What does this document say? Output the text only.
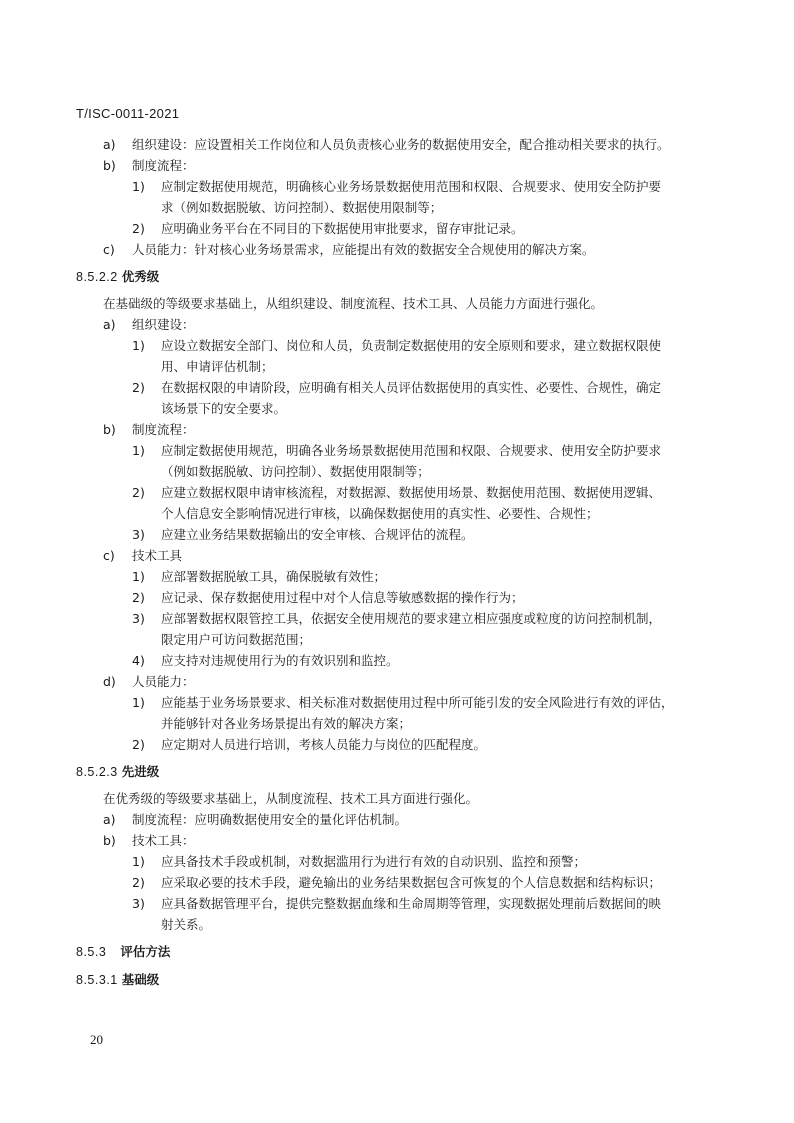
T/ISC-0011-2021
a) 组织建设：应设置相关工作岗位和人员负责核心业务的数据使用安全，配合推动相关要求的执行。
b) 制度流程：
1) 应制定数据使用规范，明确核心业务场景数据使用范围和权限、合规要求、使用安全防护要
求（例如数据脱敏、访问控制）、数据使用限制等；
2) 应明确业务平台在不同目的下数据使用审批要求，留存审批记录。
c) 人员能力：针对核心业务场景需求，应能提出有效的数据安全合规使用的解决方案。
8.5.2.2 优秀级
在基础级的等级要求基础上，从组织建设、制度流程、技术工具、人员能力方面进行强化。
a) 组织建设：
1) 应设立数据安全部门、岗位和人员，负责制定数据使用的安全原则和要求，建立数据权限使
用、申请评估机制；
2) 在数据权限的申请阶段，应明确有相关人员评估数据使用的真实性、必要性、合规性，确定
该场景下的安全要求。
b) 制度流程：
1) 应制定数据使用规范，明确各业务场景数据使用范围和权限、合规要求、使用安全防护要求
（例如数据脱敏、访问控制）、数据使用限制等；
2) 应建立数据权限申请审核流程，对数据源、数据使用场景、数据使用范围、数据使用逻辑、
个人信息安全影响情况进行审核，以确保数据使用的真实性、必要性、合规性；
3) 应建立业务结果数据输出的安全审核、合规评估的流程。
c) 技术工具
1) 应部署数据脱敏工具，确保脱敏有效性；
2) 应记录、保存数据使用过程中对个人信息等敏感数据的操作行为；
3) 应部署数据权限管控工具，依据安全使用规范的要求建立相应强度或粒度的访问控制机制，
限定用户可访问数据范围；
4) 应支持对违规使用行为的有效识别和监控。
d) 人员能力：
1) 应能基于业务场景要求、相关标准对数据使用过程中所可能引发的安全风险进行有效的评估，
并能够针对各业务场景提出有效的解决方案；
2) 应定期对人员进行培训，考核人员能力与岗位的匹配程度。
8.5.2.3 先进级
在优秀级的等级要求基础上，从制度流程、技术工具方面进行强化。
a) 制度流程：应明确数据使用安全的量化评估机制。
b) 技术工具：
1) 应具备技术手段或机制，对数据滥用行为进行有效的自动识别、监控和预警；
2) 应采取必要的技术手段，避免输出的业务结果数据包含可恢复的个人信息数据和结构标识；
3) 应具备数据管理平台，提供完整数据血缘和生命周期等管理，实现数据处理前后数据间的映
射关系。
8.5.3 评估方法
8.5.3.1 基础级
20
